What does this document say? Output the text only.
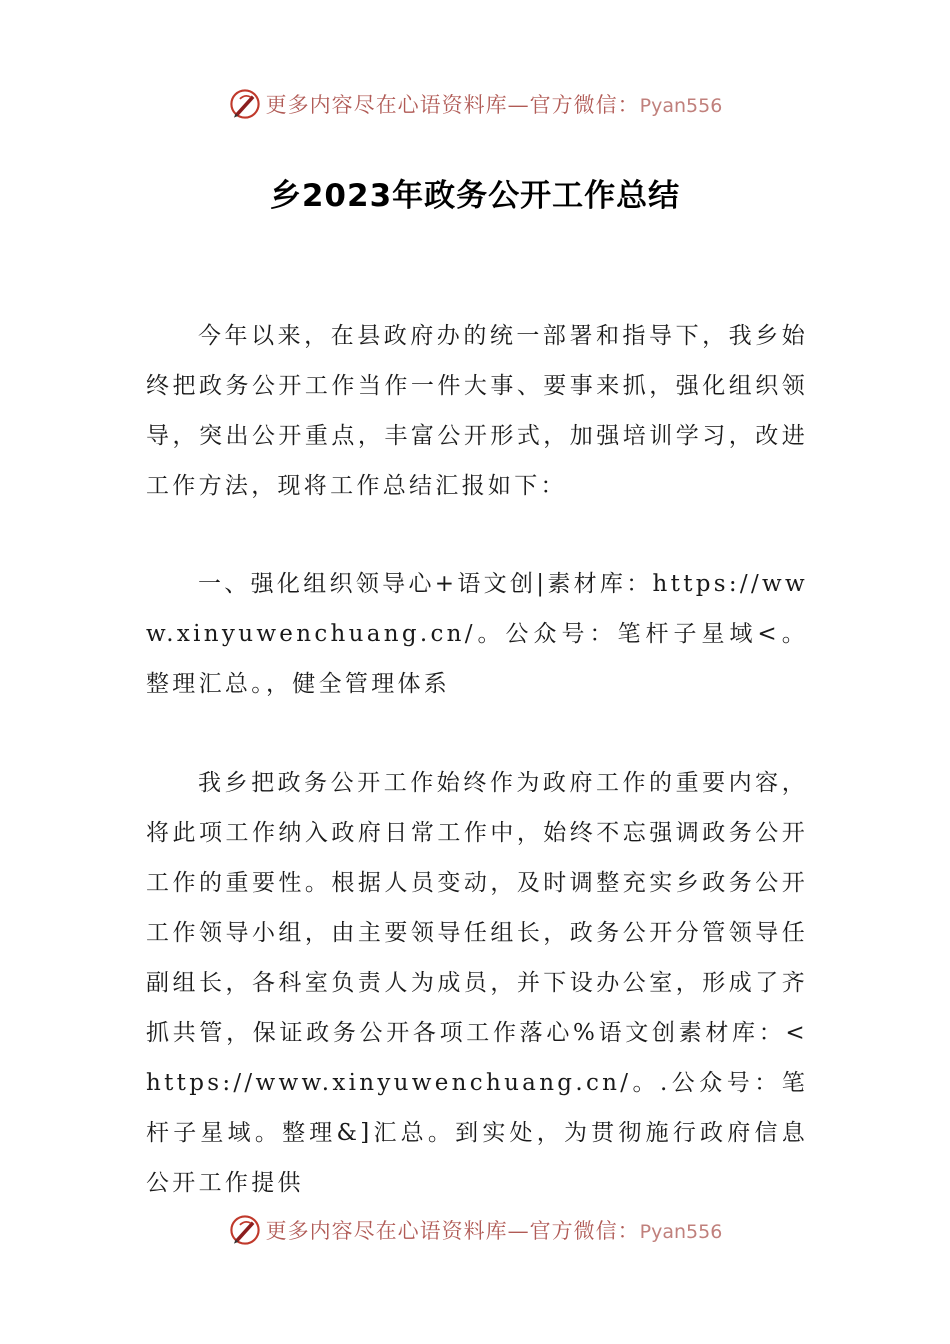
更多内容尽在心语资料库—官方微信：Pyan556
乡2023年政务公开工作总结
今年以来，在县政府办的统一部署和指导下，我乡始终把政务公开工作当作一件大事、要事来抓，强化组织领导，突出公开重点，丰富公开形式，加强培训学习，改进工作方法，现将工作总结汇报如下：
一、强化组织领导心+语文创|素材库：https://www.xinyuwenchuang.cn/。公众号：笔杆子星域<。整理汇总。，健全管理体系
我乡把政务公开工作始终作为政府工作的重要内容，将此项工作纳入政府日常工作中，始终不忘强调政务公开工作的重要性。根据人员变动，及时调整充实乡政务公开工作领导小组，由主要领导任组长，政务公开分管领导任副组长，各科室负责人为成员，并下设办公室，形成了齐抓共管，保证政务公开各项工作落心%语文创素材库：<https://www.xinyuwenchuang.cn/。.公众号：笔杆子星域。整理&]汇总。到实处，为贯彻施行政府信息公开工作提供
更多内容尽在心语资料库—官方微信：Pyan556
